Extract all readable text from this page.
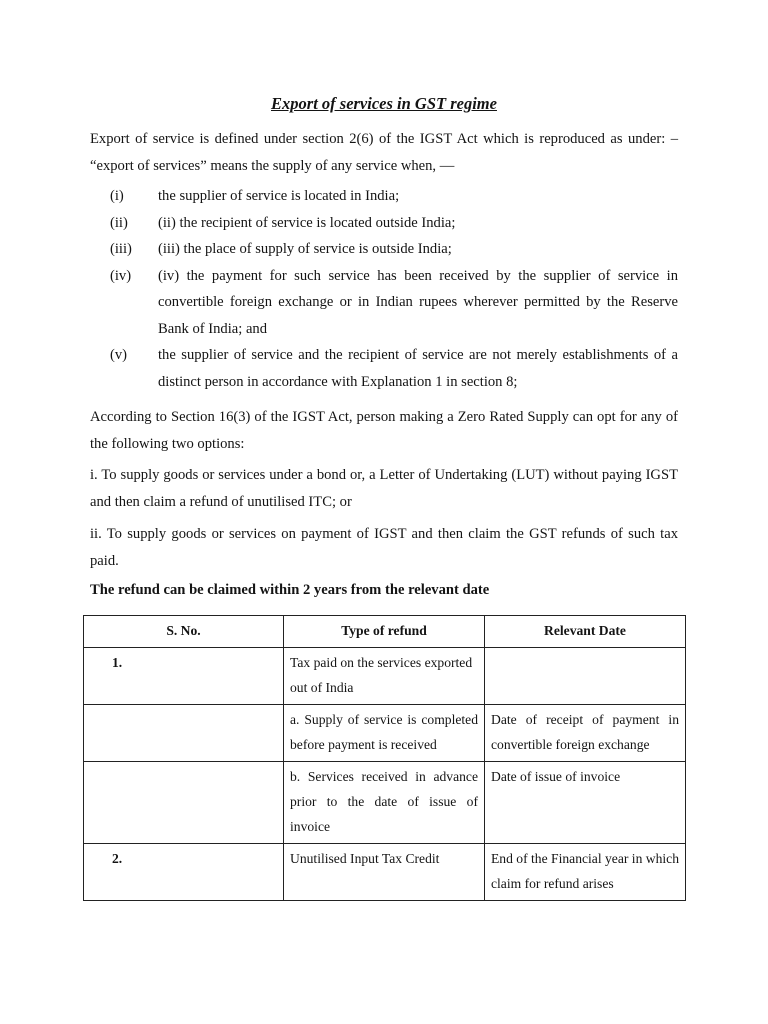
Export of services in GST regime
Export of service is defined under section 2(6) of the IGST Act which is reproduced as under: – “export of services” means the supply of any service when, —
(i)	the supplier of service is located in India;
(ii)	(ii) the recipient of service is located outside India;
(iii)	(iii) the place of supply of service is outside India;
(iv)	(iv) the payment for such service has been received by the supplier of service in convertible foreign exchange or in Indian rupees wherever permitted by the Reserve Bank of India; and
(v)	the supplier of service and the recipient of service are not merely establishments of a distinct person in accordance with Explanation 1 in section 8;
According to Section 16(3) of the IGST Act, person making a Zero Rated Supply can opt for any of the following two options:
i. To supply goods or services under a bond or, a Letter of Undertaking (LUT) without paying IGST and then claim a refund of unutilised ITC; or
ii. To supply goods or services on payment of IGST and then claim the GST refunds of such tax paid.
The refund can be claimed within 2 years from the relevant date
S. No.	Type of refund	Relevant Date
1.	Tax paid on the services exported out of India	
	a. Supply of service is completed before payment is received	Date of receipt of payment in convertible foreign exchange
	b. Services received in advance prior to the date of issue of invoice	Date of issue of invoice
2.	Unutilised Input Tax Credit	End of the Financial year in which claim for refund arises
